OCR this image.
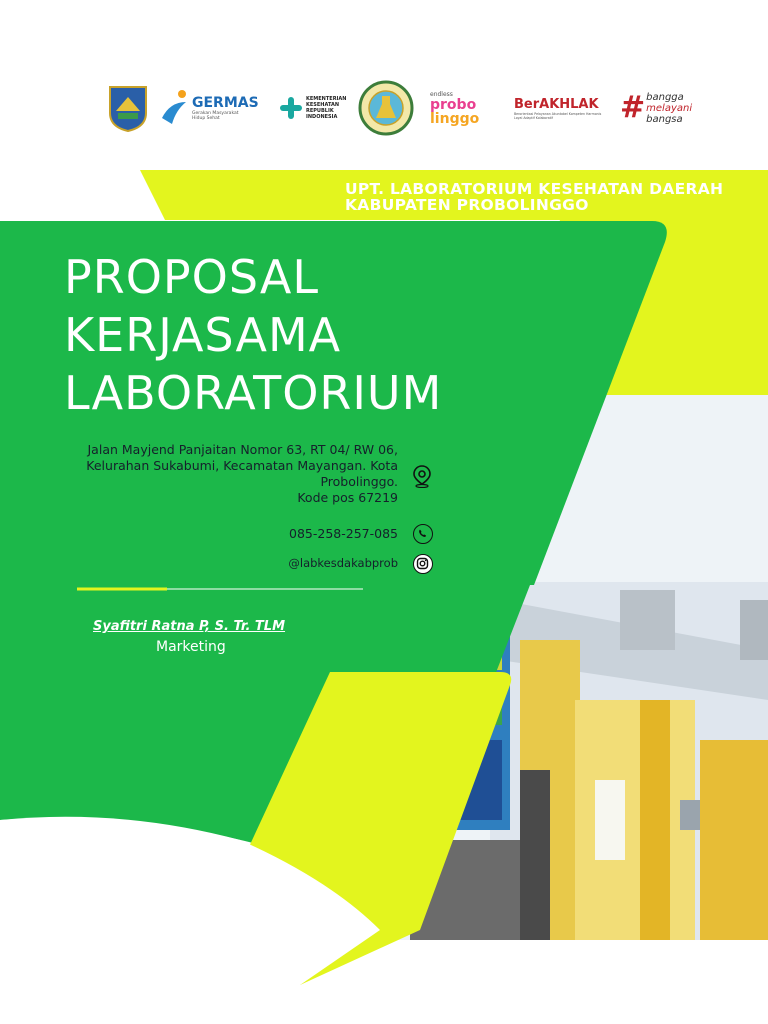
GERMAS
Gerakan Masyarakat Hidup Sehat
KEMENTERIAN KESEHATAN REPUBLIK INDONESIA
endless
probo
linggo
BerAKHLAK
Berorientasi Pelayanan Akuntabel Kompeten Harmonis Loyal Adaptif Kolaboratif	# bangga
melayani
bangsa
UPT. LABORATORIUM KESEHATAN DAERAH
KABUPATEN PROBOLINGGO
PROPOSAL
KERJASAMA
LABORATORIUM
Jalan Mayjend Panjaitan Nomor 63, RT 04/ RW 06,
Kelurahan Sukabumi, Kecamatan Mayangan. Kota
Probolinggo.
Kode pos 67219
085-258-257-085
@labkesdakabprob
Syafitri Ratna P, S. Tr. TLM
Marketing
